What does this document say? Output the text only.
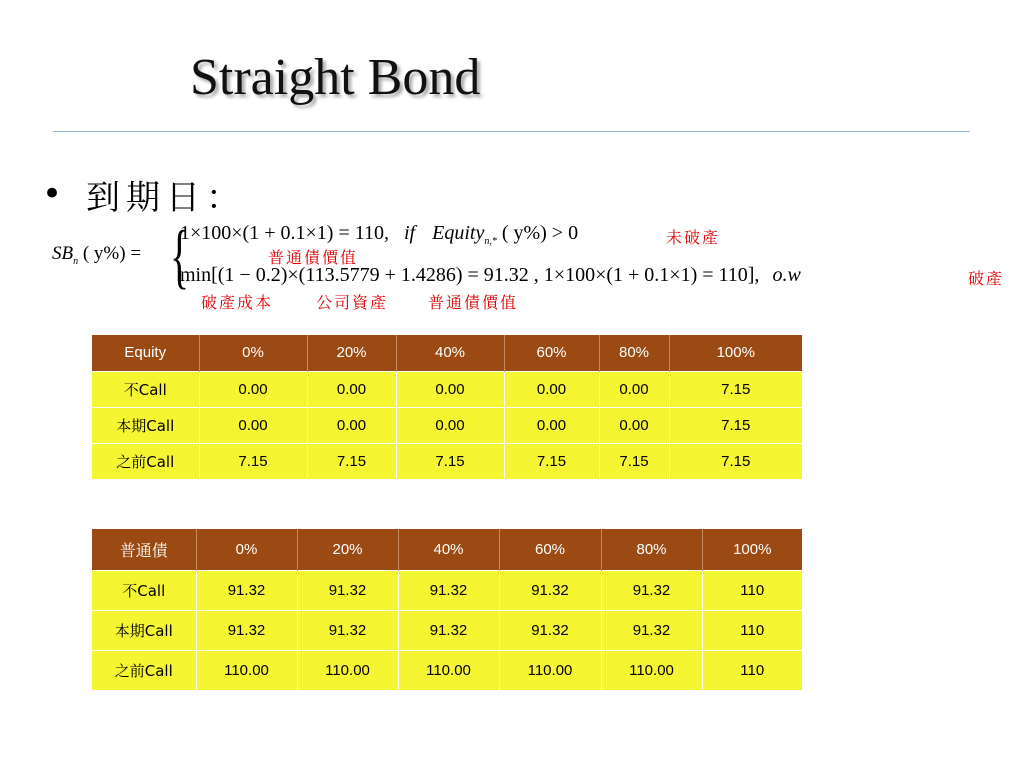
Straight Bond
• 到期日：
$SB_n$ ( y%) = {
1×100×(1 + 0.1×1) = 110, if Equity$_{n,*}$ ( y%) > 0
min[(1 − 0.2)×(113.5779 + 1.4286) = 91.32 , 1×100×(1 + 0.1×1) = 110], o.w
未破產
普通債價值
破產
破產成本	公司資產 普通債價值
Equity	0%	20%	40%	60%	80%	100%
不Call	0.00	0.00	0.00	0.00	0.00	7.15
本期Call	0.00	0.00	0.00	0.00	0.00	7.15
之前Call	7.15	7.15	7.15	7.15	7.15	7.15
普通債	0%	20%	40%	60%	80%	100%
不Call	91.32	91.32	91.32	91.32	91.32	110
本期Call	91.32	91.32	91.32	91.32	91.32	110
之前Call	110.00	110.00	110.00	110.00	110.00	110
